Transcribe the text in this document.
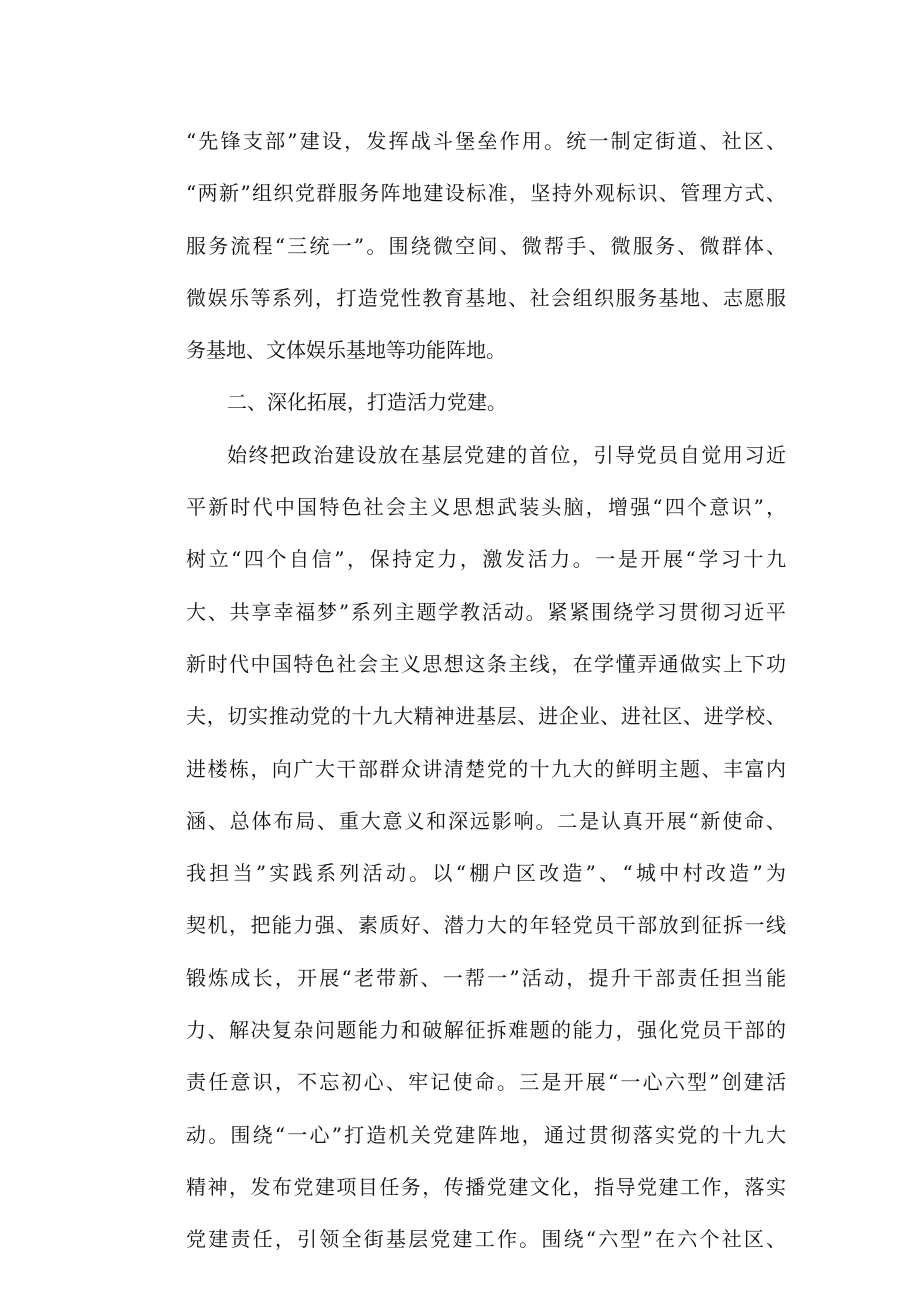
“先锋支部”建设，发挥战斗堡垒作用。统一制定街道、社区、
“两新”组织党群服务阵地建设标准，坚持外观标识、管理方式、
服务流程“三统一”。围绕微空间、微帮手、微服务、微群体、
微娱乐等系列，打造党性教育基地、社会组织服务基地、志愿服
务基地、文体娱乐基地等功能阵地。
二、深化拓展，打造活力党建。
始终把政治建设放在基层党建的首位，引导党员自觉用习近
平新时代中国特色社会主义思想武装头脑，增强“四个意识”，
树立“四个自信”，保持定力，激发活力。一是开展“学习十九
大、共享幸福梦”系列主题学教活动。紧紧围绕学习贯彻习近平
新时代中国特色社会主义思想这条主线，在学懂弄通做实上下功
夫，切实推动党的十九大精神进基层、进企业、进社区、进学校、
进楼栋，向广大干部群众讲清楚党的十九大的鲜明主题、丰富内
涵、总体布局、重大意义和深远影响。二是认真开展“新使命、
我担当”实践系列活动。以“棚户区改造”、“城中村改造”为
契机，把能力强、素质好、潜力大的年轻党员干部放到征拆一线
锻炼成长，开展“老带新、一帮一”活动，提升干部责任担当能
力、解决复杂问题能力和破解征拆难题的能力，强化党员干部的
责任意识，不忘初心、牢记使命。三是开展“一心六型”创建活
动。围绕“一心”打造机关党建阵地，通过贯彻落实党的十九大
精神，发布党建项目任务，传播党建文化，指导党建工作，落实
党建责任，引领全街基层党建工作。围绕“六型”在六个社区、
